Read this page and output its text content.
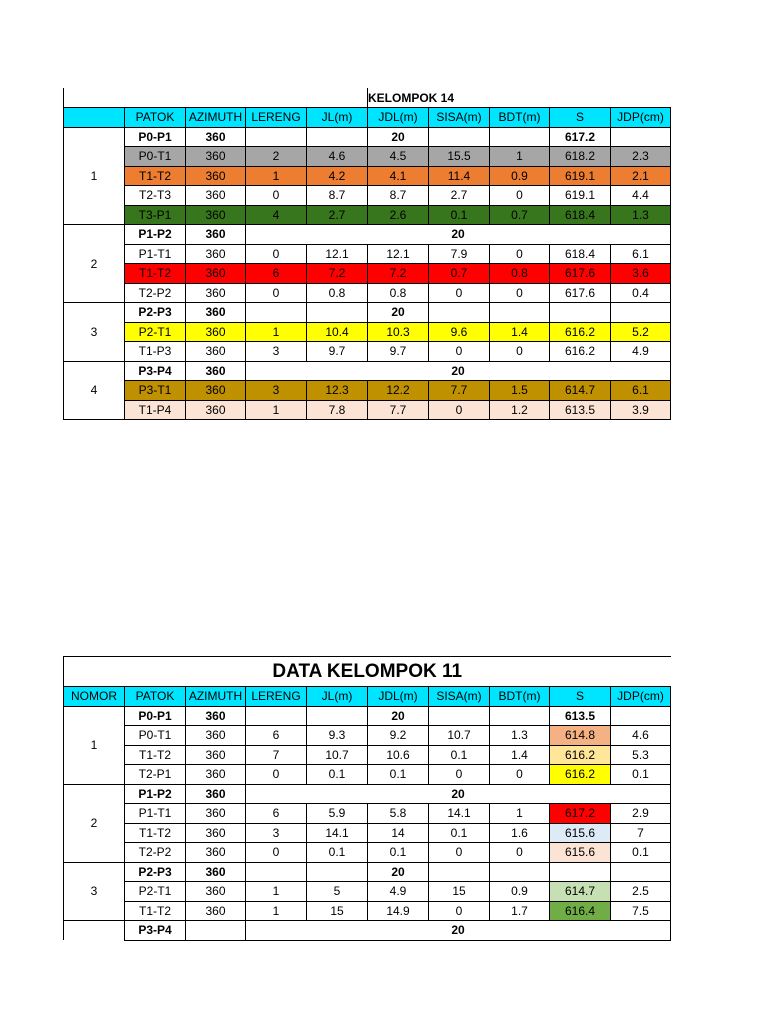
					KELOMPOK 14				
	PATOK	AZIMUTH	LERENG	JL(m)	JDL(m)	SISA(m)	BDT(m)	S	JDP(cm)
1	P0-P1	360			20			617.2	
	P0-T1	360	2	4.6	4.5	15.5	1	618.2	2.3
	T1-T2	360	1	4.2	4.1	11.4	0.9	619.1	2.1
	T2-T3	360	0	8.7	8.7	2.7	0	619.1	4.4
	T3-P1	360	4	2.7	2.6	0.1	0.7	618.4	1.3
2	P1-P2	360	20						
	P1-T1	360	0	12.1	12.1	7.9	0	618.4	6.1
	T1-T2	360	6	7.2	7.2	0.7	0.8	617.6	3.6
	T2-P2	360	0	0.8	0.8	0	0	617.6	0.4
3	P2-P3	360			20				
	P2-T1	360	1	10.4	10.3	9.6	1.4	616.2	5.2
	T1-P3	360	3	9.7	9.7	0	0	616.2	4.9
4	P3-P4	360	20						
	P3-T1	360	3	12.3	12.2	7.7	1.5	614.7	6.1
	T1-P4	360	1	7.8	7.7	0	1.2	613.5	3.9
DATA KELOMPOK 11									
NOMOR	PATOK	AZIMUTH	LERENG	JL(m)	JDL(m)	SISA(m)	BDT(m)	S	JDP(cm)
1	P0-P1	360			20			613.5	
	P0-T1	360	6	9.3	9.2	10.7	1.3	614.8	4.6
	T1-T2	360	7	10.7	10.6	0.1	1.4	616.2	5.3
	T2-P1	360	0	0.1	0.1	0	0	616.2	0.1
2	P1-P2	360	20						
	P1-T1	360	6	5.9	5.8	14.1	1	617.2	2.9
	T1-T2	360	3	14.1	14	0.1	1.6	615.6	7
	T2-P2	360	0	0.1	0.1	0	0	615.6	0.1
3	P2-P3	360			20				
	P2-T1	360	1	5	4.9	15	0.9	614.7	2.5
	T1-T2	360	1	15	14.9	0	1.7	616.4	7.5
	P3-P4		20						
